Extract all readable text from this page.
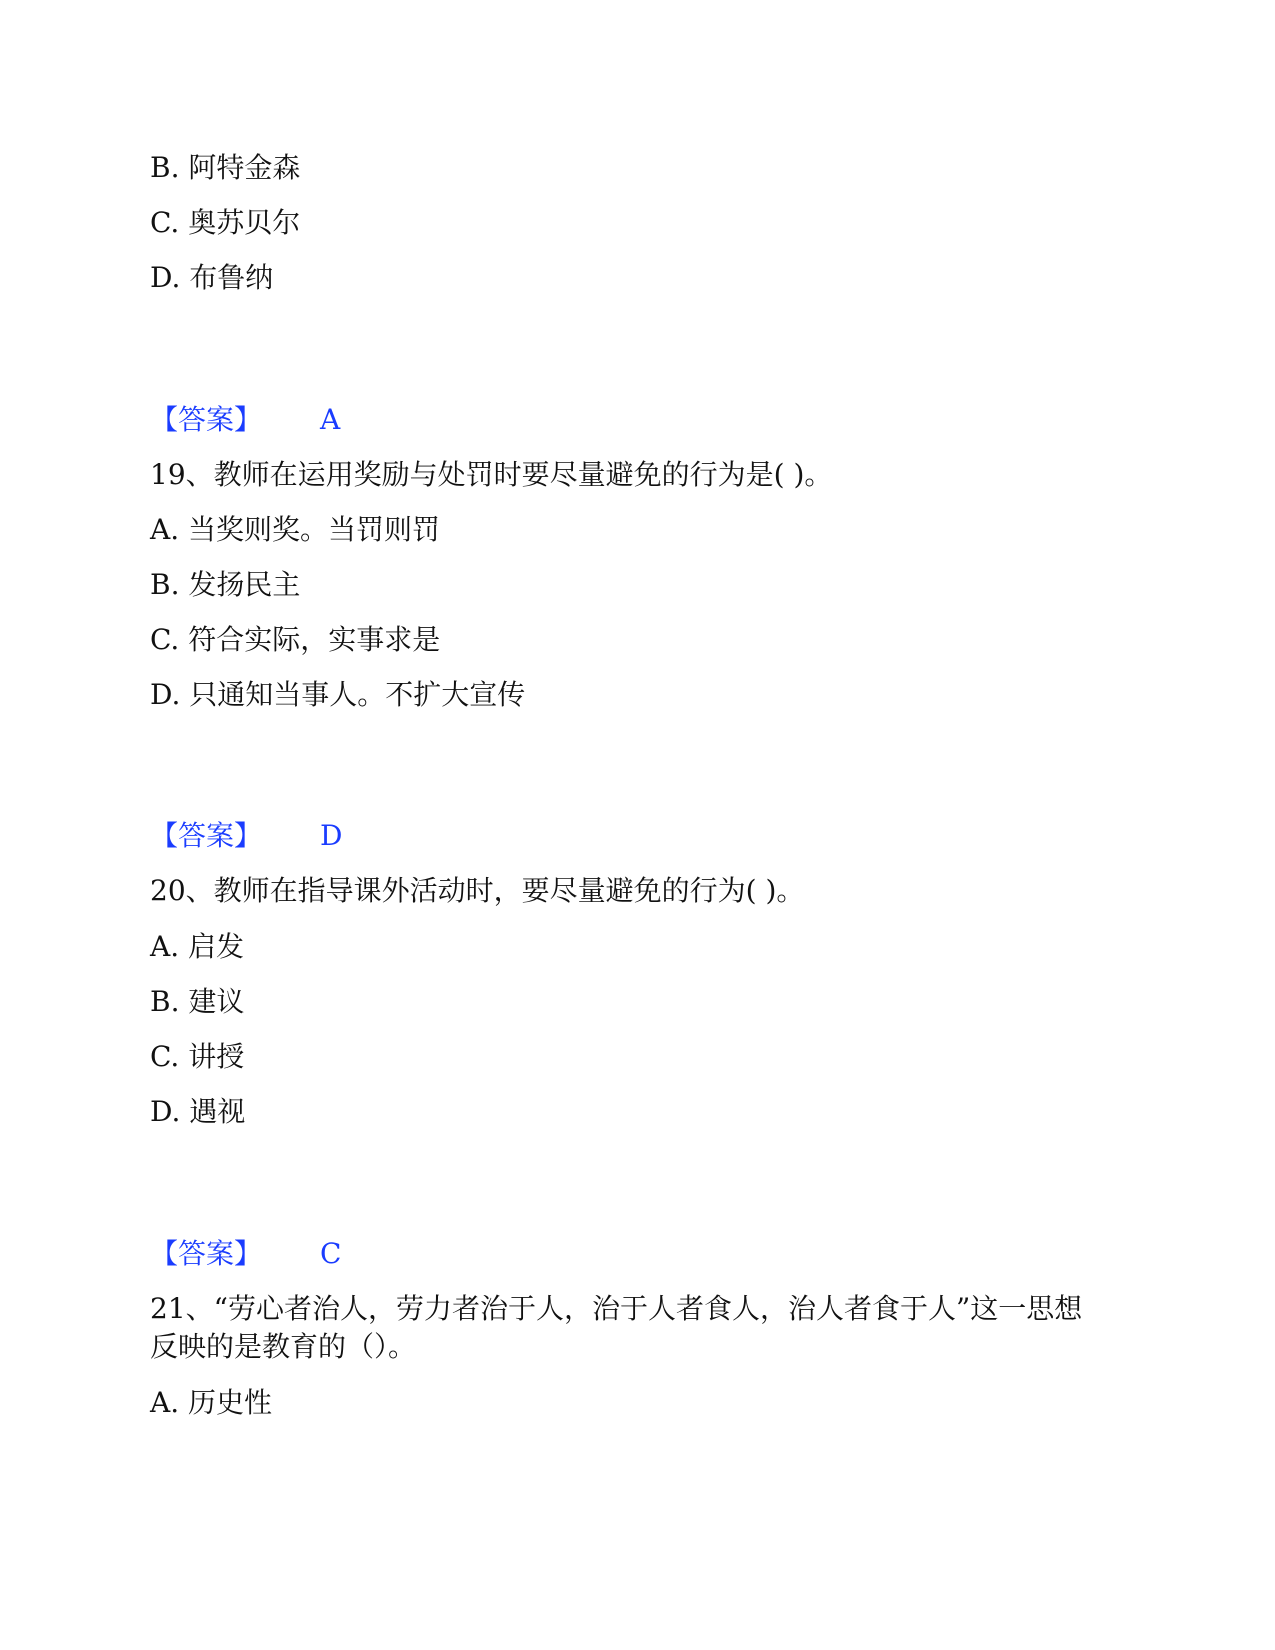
B. 阿特金森
C. 奥苏贝尔
D. 布鲁纳
【答案】 A
19、教师在运用奖励与处罚时要尽量避免的行为是( )。
A. 当奖则奖。当罚则罚
B. 发扬民主
C. 符合实际，实事求是
D. 只通知当事人。不扩大宣传
【答案】 D
20、教师在指导课外活动时，要尽量避免的行为( )。
A. 启发
B. 建议
C. 讲授
D. 遇视
【答案】 C
21、“劳心者治人，劳力者治于人，治于人者食人，治人者食于人”这一思想
反映的是教育的（）。
A. 历史性
